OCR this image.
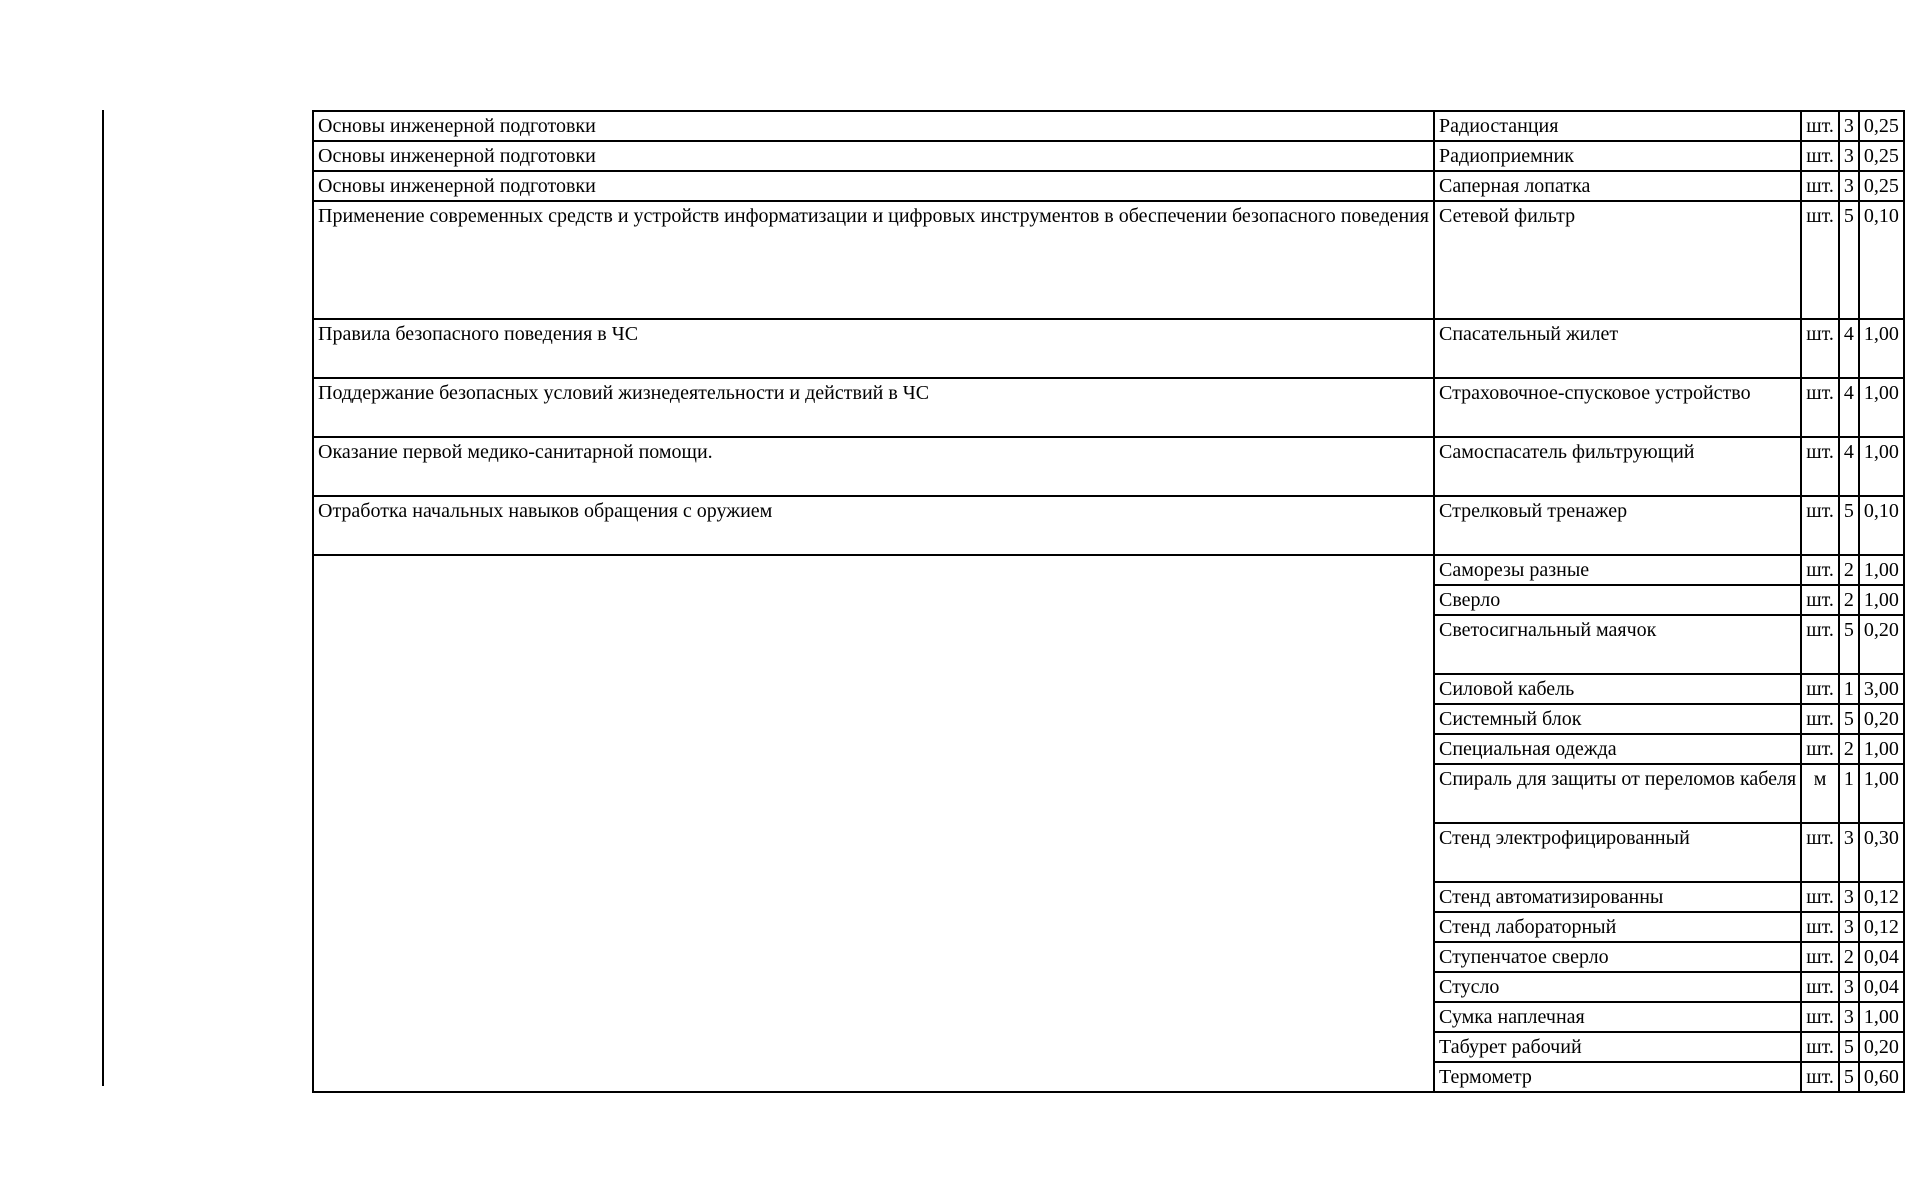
Основы инженерной подготовки	Радиостанция	шт.	3	0,25
Основы инженерной подготовки	Радиоприемник	шт.	3	0,25
Основы инженерной подготовки	Саперная лопатка	шт.	3	0,25
Применение современных средств и устройств информатизации и цифровых инструментов в обеспечении безопасного поведения	Сетевой фильтр	шт.	5	0,10
Правила безопасного поведения в ЧС	Спасательный жилет	шт.	4	1,00
Поддержание безопасных условий жизнедеятельности и действий в ЧС	Страховочное-спусковое устройство	шт.	4	1,00
Оказание первой медико-санитарной помощи.	Самоспасатель фильтрующий	шт.	4	1,00
Отработка начальных навыков обращения с оружием	Стрелковый тренажер	шт.	5	0,10
	Саморезы разные	шт.	2	1,00
	Сверло	шт.	2	1,00
	Светосигнальный маячок	шт.	5	0,20
	Силовой кабель	шт.	1	3,00
	Системный блок	шт.	5	0,20
	Специальная одежда	шт.	2	1,00
	Спираль для защиты от переломов кабеля	м	1	1,00
	Стенд электрофицированный	шт.	3	0,30
	Стенд автоматизированны	шт.	3	0,12
	Стенд лабораторный	шт.	3	0,12
	Ступенчатое сверло	шт.	2	0,04
	Стусло	шт.	3	0,04
	Сумка наплечная	шт.	3	1,00
	Табурет рабочий	шт.	5	0,20
	Термометр	шт.	5	0,60
